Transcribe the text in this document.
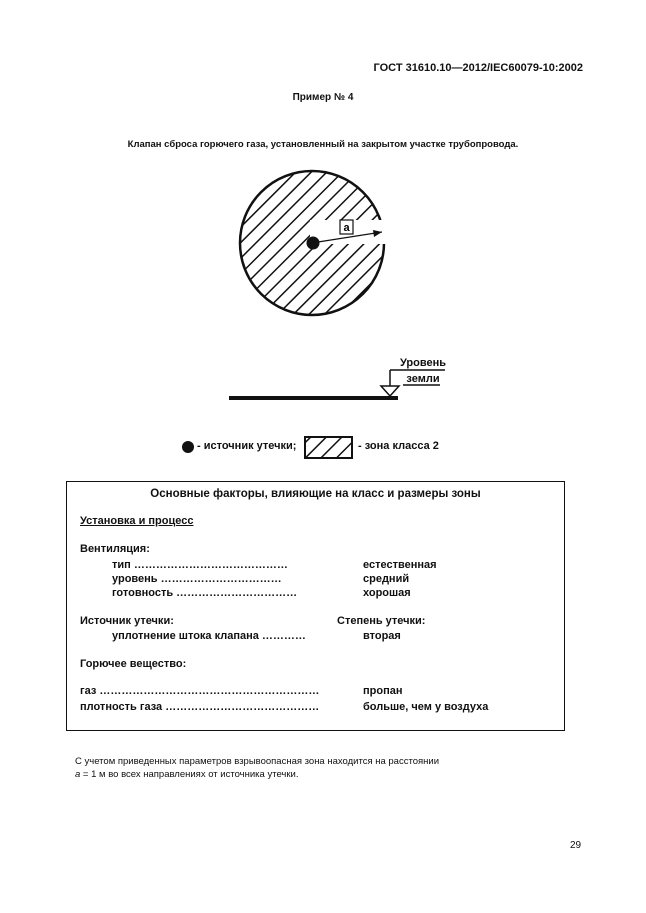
ГОСТ 31610.10—2012/IEC60079-10:2002
Пример № 4
Клапан сброса горючего газа, установленный на закрытом участке трубопровода.
a
Уровень
земли
- источник утечки;	- зона класса 2
Основные факторы, влияющие на класс и размеры зоны
Установка и процесс
Вентиляция:
тип ……………………………………	естественная
уровень ……………………………	средний
готовность ……………………………	хорошая
Источник утечки:	Степень утечки:
уплотнение штока клапана …………	вторая
Горючее вещество:
газ ……………………………………………………	пропан
плотность газа ……………………………………	больше, чем у воздуха
С учетом приведенных параметров взрывоопасная зона находится на расстоянии
а = 1 м во всех направлениях от источника утечки.
29
